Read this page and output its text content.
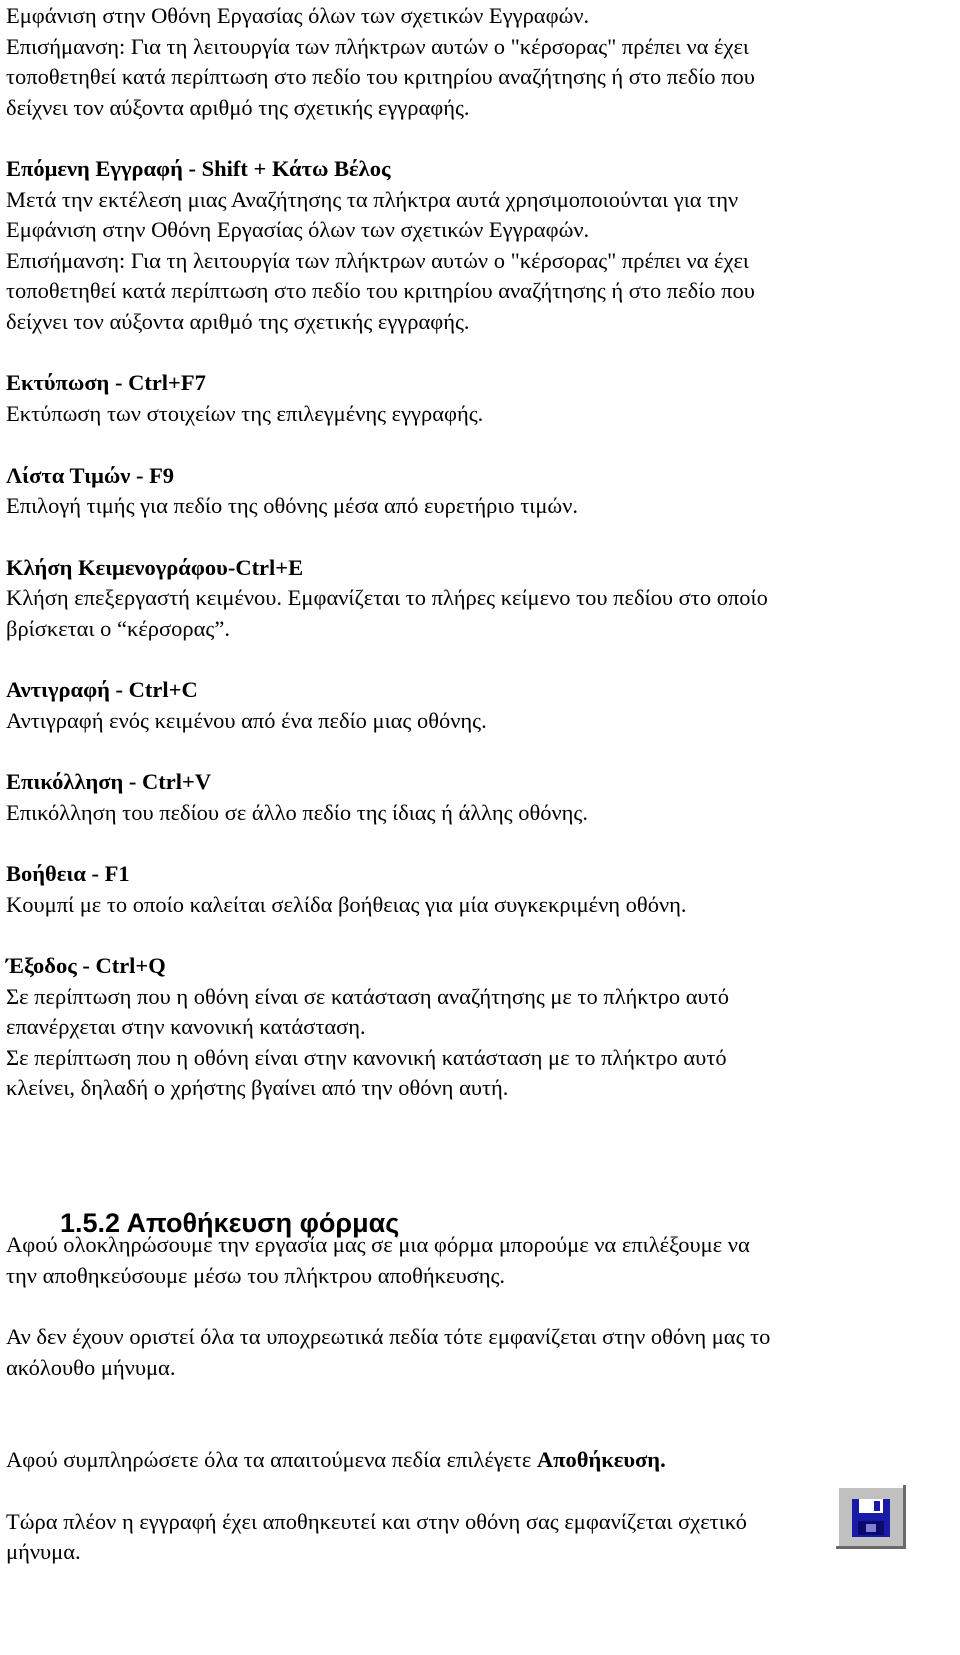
Εμφάνιση στην Οθόνη Εργασίας όλων των σχετικών Εγγραφών.
Επισήμανση: Για τη λειτουργία των πλήκτρων αυτών ο "κέρσορας" πρέπει να έχει
τοποθετηθεί κατά περίπτωση στο πεδίο του κριτηρίου αναζήτησης ή στο πεδίο που
δείχνει τον αύξοντα αριθμό της σχετικής εγγραφής.
Επόμενη Εγγραφή - Shift + Κάτω Βέλος
Μετά την εκτέλεση μιας Αναζήτησης τα πλήκτρα αυτά χρησιμοποιούνται για την
Εμφάνιση στην Οθόνη Εργασίας όλων των σχετικών Εγγραφών.
Επισήμανση: Για τη λειτουργία των πλήκτρων αυτών ο "κέρσορας" πρέπει να έχει
τοποθετηθεί κατά περίπτωση στο πεδίο του κριτηρίου αναζήτησης ή στο πεδίο που
δείχνει τον αύξοντα αριθμό της σχετικής εγγραφής.
Εκτύπωση - Ctrl+F7
Εκτύπωση των στοιχείων της επιλεγμένης εγγραφής.
Λίστα Τιμών - F9
Επιλογή τιμής για πεδίο της οθόνης μέσα από ευρετήριο τιμών.
Κλήση Κειμενογράφου-Ctrl+E
Κλήση επεξεργαστή κειμένου. Εμφανίζεται το πλήρες κείμενο του πεδίου στο οποίο
βρίσκεται ο “κέρσορας”.
Αντιγραφή - Ctrl+C
Αντιγραφή ενός κειμένου από ένα πεδίο μιας οθόνης.
Επικόλληση - Ctrl+V
Επικόλληση του πεδίου σε άλλο πεδίο της ίδιας ή άλλης οθόνης.
Βοήθεια - F1
Κουμπί με το οποίο καλείται σελίδα βοήθειας για μία συγκεκριμένη οθόνη.
Έξοδος - Ctrl+Q
Σε περίπτωση που η οθόνη είναι σε κατάσταση αναζήτησης με το πλήκτρο αυτό
επανέρχεται στην κανονική κατάσταση.
Σε περίπτωση που η οθόνη είναι στην κανονική κατάσταση με το πλήκτρο αυτό
κλείνει, δηλαδή ο χρήστης βγαίνει από την οθόνη αυτή.
1.5.2 Αποθήκευση φόρμας
Αφού ολοκληρώσουμε την εργασία μας σε μια φόρμα μπορούμε να επιλέξουμε να
την αποθηκεύσουμε μέσω του πλήκτρου αποθήκευσης.
Αν δεν έχουν οριστεί όλα τα υποχρεωτικά πεδία τότε εμφανίζεται στην οθόνη μας το
ακόλουθο μήνυμα.
Αφού συμπληρώσετε όλα τα απαιτούμενα πεδία επιλέγετε Αποθήκευση.
Τώρα πλέον η εγγραφή έχει αποθηκευτεί και στην οθόνη σας εμφανίζεται σχετικό
μήνυμα.
